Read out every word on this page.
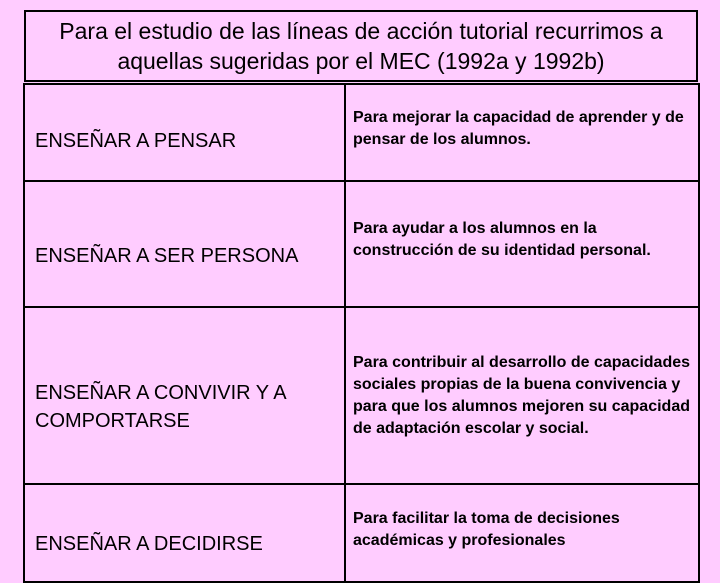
Para el estudio de las líneas de acción tutorial recurrimos a aquellas sugeridas por el MEC (1992a y 1992b)
ENSEÑAR A PENSAR	Para mejorar la capacidad de aprender y de pensar de los alumnos.
ENSEÑAR A SER PERSONA	Para ayudar a los alumnos en la construcción de su identidad personal.
ENSEÑAR A CONVIVIR Y A COMPORTARSE	Para contribuir al desarrollo de capacidades sociales propias de la buena convivencia y para que los alumnos mejoren su capacidad de adaptación escolar y social.
ENSEÑAR A DECIDIRSE	Para facilitar la toma de decisiones académicas y profesionales
